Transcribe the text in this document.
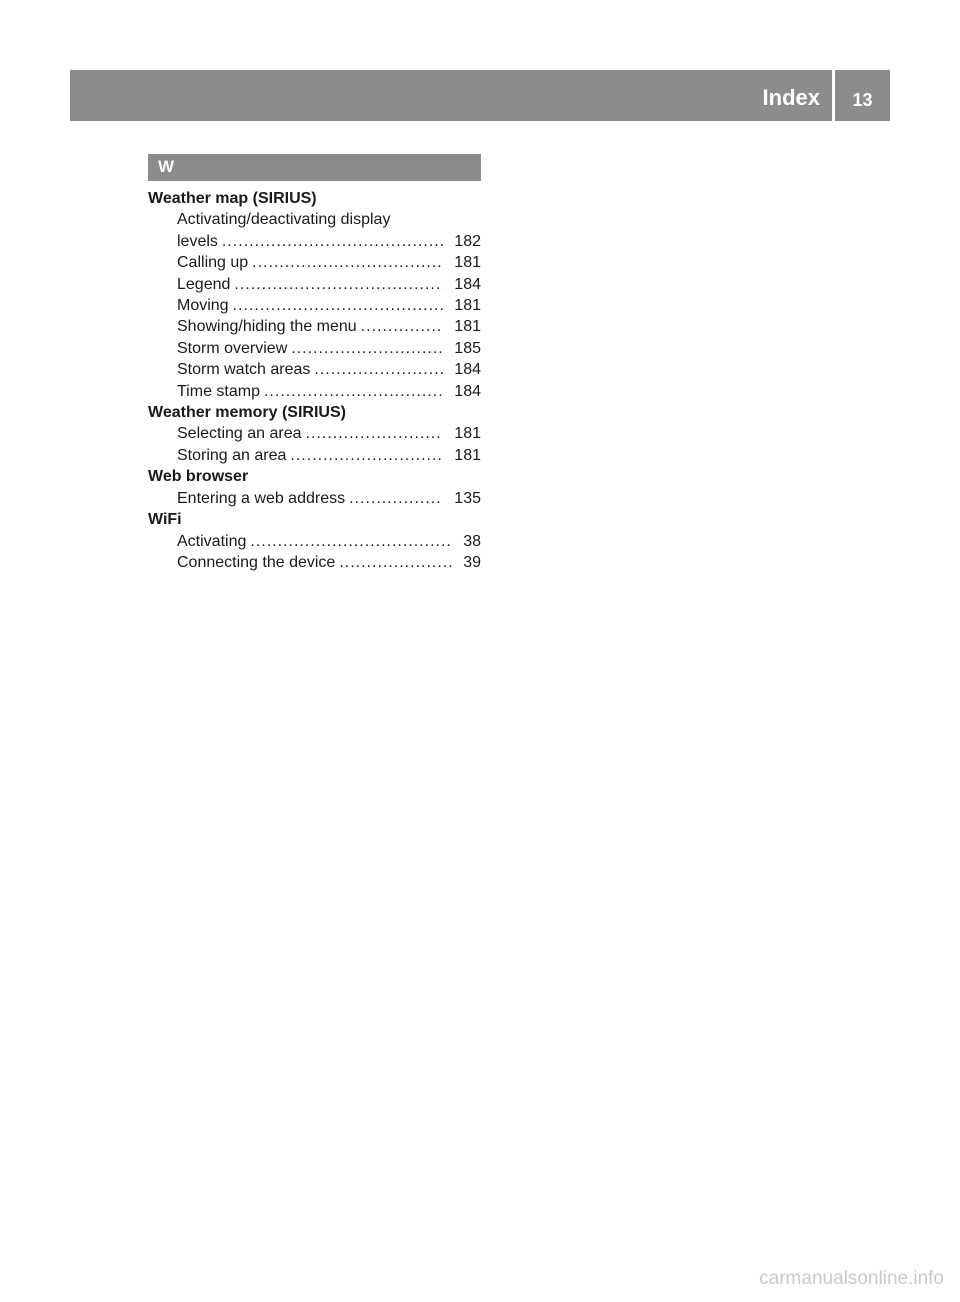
Index	13
W
Weather map (SIRIUS)
Activating/deactivating display
levels .....	182
Calling up .....	181
Legend .....	184
Moving .....	181
Showing/hiding the menu .....	181
Storm overview .....	185
Storm watch areas .....	184
Time stamp .....	184
Weather memory (SIRIUS)
Selecting an area .....	181
Storing an area .....	181
Web browser
Entering a web address .....	135
WiFi
Activating .....	38
Connecting the device .....	39
carmanualsonline.info
